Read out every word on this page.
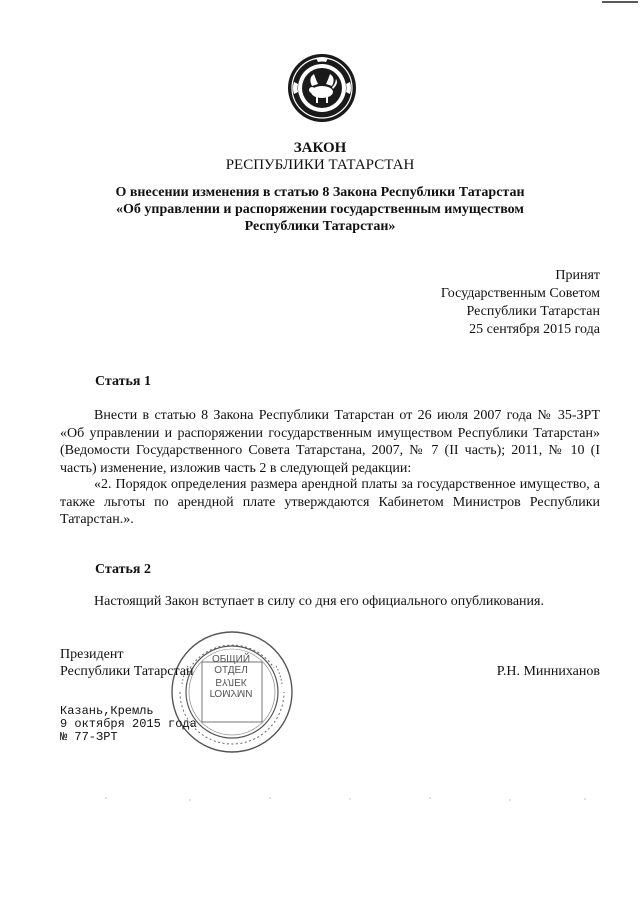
ЗАКОН
РЕСПУБЛИКИ ТАТАРСТАН
О внесении изменения в статью 8 Закона Республики Татарстан
«Об управлении и распоряжении государственным имуществом
Республики Татарстан»
Принят
Государственным Советом
Республики Татарстан
25 сентября 2015 года
Статья 1

Внести в статью 8 Закона Республики Татарстан от 26 июля 2007 года № 35-ЗРТ «Об управлении и распоряжении государственным имуществом Республики Татарстан» (Ведомости Государственного Совета Татарстана, 2007, № 7 (II часть); 2011, № 10 (I часть) изменение, изложив часть 2 в следующей редакции:

«2. Порядок определения размера арендной платы за государственное имущество, а также льготы по арендной плате утверждаются Кабинетом Министров Республики Татарстан.».

Статья 2

Настоящий Закон вступает в силу со дня его официального опубликования.

ОБЩИЙ
ОТДЕЛ
БҮЛЕК
ГОМУМИ
Президент
Республики Татарстан	Р.Н. Минниханов
Казань,Кремль
9 октября 2015 года
№ 77-ЗРТ
